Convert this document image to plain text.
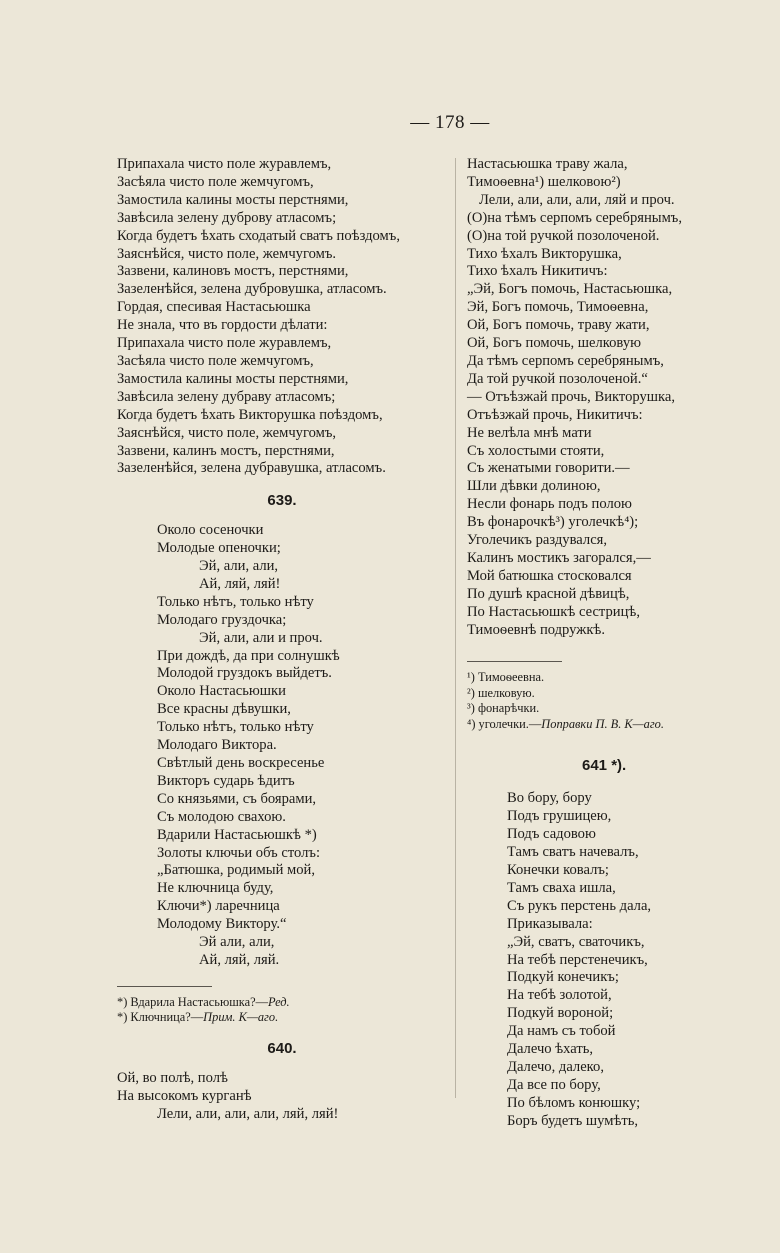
— 178 —
Припахала чисто поле журавлемъ,
Засѣяла чисто поле жемчугомъ,
Замостила калины мосты перстнями,
Завѣсила зелену дуброву атласомъ;
Когда будетъ ѣхать сходатый сватъ поѣздомъ,
Заяснѣйся, чисто поле, жемчугомъ.
Зазвени, калиновъ мостъ, перстнями,
Зазеленѣйся, зелена дубровушка, атласомъ.
Гордая, спесивая Настасьюшка
Не знала, что въ гордости дѣлати:
Припахала чисто поле журавлемъ,
Засѣяла чисто поле жемчугомъ,
Замостила калины мосты перстнями,
Завѣсила зелену дубраву атласомъ;
Когда будетъ ѣхать Викторушка поѣздомъ,
Заяснѣйся, чисто поле, жемчугомъ,
Зазвени, калинъ мостъ, перстнями,
Зазеленѣйся, зелена дубравушка, атласомъ.
639.
Около сосеночки
Молодые опеночки;
Эй, али, али,
Ай, ляй, ляй!
Только нѣтъ, только нѣту
Молодаго груздочка;
Эй, али, али и проч.
При дождѣ, да при солнушкѣ
Молодой груздокъ выйдетъ.
Около Настасьюшки
Все красны дѣвушки,
Только нѣтъ, только нѣту
Молодаго Виктора.
Свѣтлый день воскресенье
Викторъ сударь ѣдитъ
Со князьями, съ боярами,
Съ молодою свахою.
Вдарили Настасьюшкѣ *)
Золоты ключьи объ столъ:
„Батюшка, родимый мой,
Не ключница буду,
Ключи*) ларечница
Молодому Виктору.“
Эй али, али,
Ай, ляй, ляй.
*) Вдарила Настасьюшка?—Ред.
*) Ключница?—Прим. К—аго.
640.
Ой, во полѣ, полѣ
На высокомъ курганѣ
Лели, али, али, али, ляй, ляй!
Настасьюшка траву жала,
Тимоѳевна¹) шелковою²)
Лели, али, али, али, ляй и проч.
(О)на тѣмъ серпомъ серебрянымъ,
(О)на той ручкой позолоченой.
Тихо ѣхалъ Викторушка,
Тихо ѣхалъ Никитичъ:
„Эй, Богъ помочь, Настасьюшка,
Эй, Богъ помочь, Тимоѳевна,
Ой, Богъ помочь, траву жати,
Ой, Богъ помочь, шелковую
Да тѣмъ серпомъ серебрянымъ,
Да той ручкой позолоченой.“
— Отъѣзжай прочь, Викторушка,
Отъѣзжай прочь, Никитичъ:
Не велѣла мнѣ мати
Съ холостыми стояти,
Съ женатыми говорити.—
Шли дѣвки долиною,
Несли фонарь подъ полою
Въ фонарочкѣ³) уголечкѣ⁴);
Уголечикъ раздувался,
Калинъ мостикъ загорался,—
Мой батюшка стосковался
По душѣ красной дѣвицѣ,
По Настасьюшкѣ сестрицѣ,
Тимоѳевнѣ подружкѣ.
¹) Тимоѳеевна.
²) шелковую.
³) фонарѣчки.
⁴) уголечки.—Поправки П. В. К—аго.
641 *).
Во бору, бору
Подъ грушицею,
Подъ садовою
Тамъ сватъ начевалъ,
Конечки ковалъ;
Тамъ сваха ишла,
Съ рукъ перстень дала,
Приказывала:
„Эй, сватъ, сваточикъ,
На тебѣ перстенечикъ,
Подкуй конечикъ;
На тебѣ золотой,
Подкуй вороной;
Да намъ съ тобой
Далечо ѣхать,
Далечо, далеко,
Да все по бору,
По бѣломъ конюшку;
Боръ будетъ шумѣть,
